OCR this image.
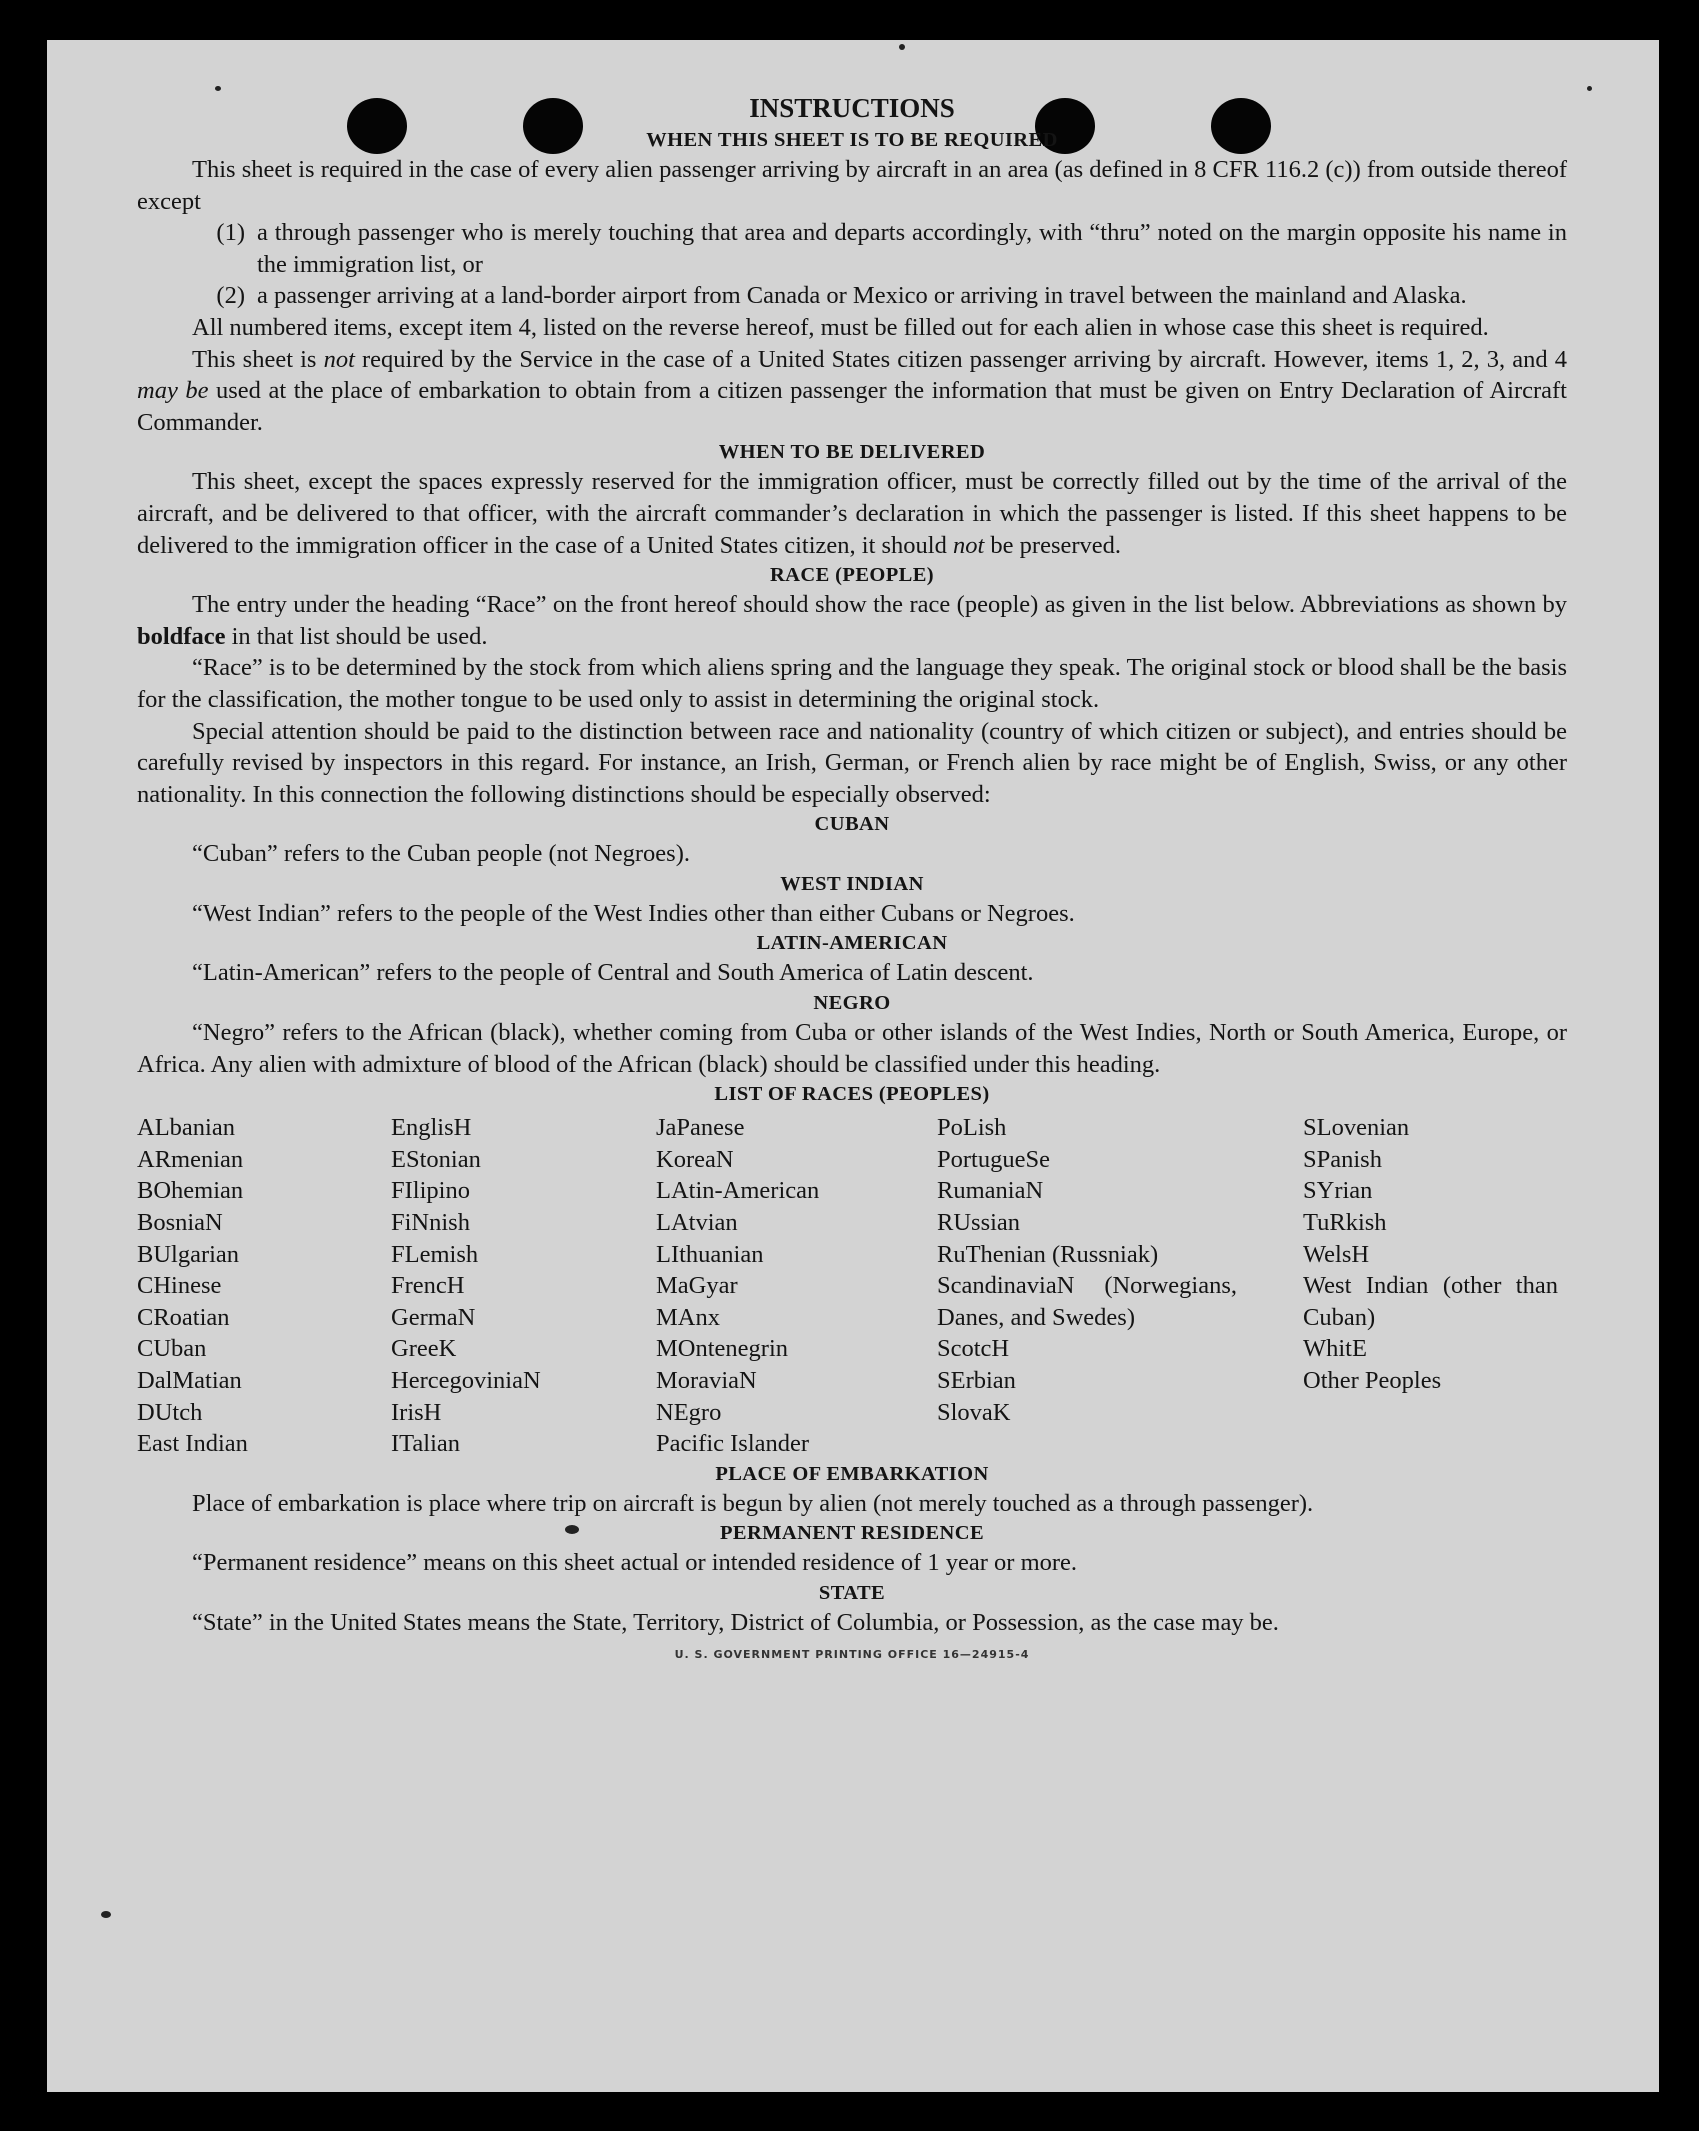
INSTRUCTIONS

WHEN THIS SHEET IS TO BE REQUIRED

This sheet is required in the case of every alien passenger arriving by aircraft in an area (as defined in 8 CFR 116.2 (c)) from outside thereof except

(1) a through passenger who is merely touching that area and departs accordingly, with “thru” noted on the margin opposite his name in the immigration list, or
(2) a passenger arriving at a land-border airport from Canada or Mexico or arriving in travel between the mainland and Alaska.

All numbered items, except item 4, listed on the reverse hereof, must be filled out for each alien in whose case this sheet is required.

This sheet is not required by the Service in the case of a United States citizen passenger arriving by aircraft. However, items 1, 2, 3, and 4 may be used at the place of embarkation to obtain from a citizen passenger the information that must be given on Entry Declaration of Aircraft Commander.

WHEN TO BE DELIVERED

This sheet, except the spaces expressly reserved for the immigration officer, must be correctly filled out by the time of the arrival of the aircraft, and be delivered to that officer, with the aircraft commander’s declaration in which the passenger is listed. If this sheet happens to be delivered to the immigration officer in the case of a United States citizen, it should not be preserved.

RACE (PEOPLE)

The entry under the heading “Race” on the front hereof should show the race (people) as given in the list below. Abbreviations as shown by boldface in that list should be used.

“Race” is to be determined by the stock from which aliens spring and the language they speak. The original stock or blood shall be the basis for the classification, the mother tongue to be used only to assist in determining the original stock.

Special attention should be paid to the distinction between race and nationality (country of which citizen or subject), and entries should be carefully revised by inspectors in this regard. For instance, an Irish, German, or French alien by race might be of English, Swiss, or any other nationality. In this connection the following distinctions should be especially observed:

CUBAN

“Cuban” refers to the Cuban people (not Negroes).

WEST INDIAN

“West Indian” refers to the people of the West Indies other than either Cubans or Negroes.

LATIN-AMERICAN

“Latin-American” refers to the people of Central and South America of Latin descent.

NEGRO

“Negro” refers to the African (black), whether coming from Cuba or other islands of the West Indies, North or South America, Europe, or Africa. Any alien with admixture of blood of the African (black) should be classified under this heading.

LIST OF RACES (PEOPLES)

ALbanian
ARmenian
BOhemian
BosniaN
BUlgarian
CHinese
CRoatian
CUban
DalMatian
DUtch
East Indian
EnglisH
EStonian
FIlipino
FiNnish
FLemish
FrencH
GermaN
GreeK
HercegoviniaN
IrisH
ITalian
JaPanese
KoreaN
LAtin-American
LAtvian
LIthuanian
MaGyar
MAnx
MOntenegrin
MoraviaN
NEgro
Pacific Islander
PoLish
PortugueSe
RumaniaN
RUssian
RuThenian (Russniak)
ScandinaviaN (Norwegians, Danes, and Swedes)
ScotcH
SErbian
SlovaK
SLovenian
SPanish
SYrian
TuRkish
WelsH
West Indian (other than Cuban)
WhitE
Other Peoples

PLACE OF EMBARKATION

Place of embarkation is place where trip on aircraft is begun by alien (not merely touched as a through passenger).

PERMANENT RESIDENCE

“Permanent residence” means on this sheet actual or intended residence of 1 year or more.

STATE

“State” in the United States means the State, Territory, District of Columbia, or Possession, as the case may be.

U. S. GOVERNMENT PRINTING OFFICE 16—24915-4
